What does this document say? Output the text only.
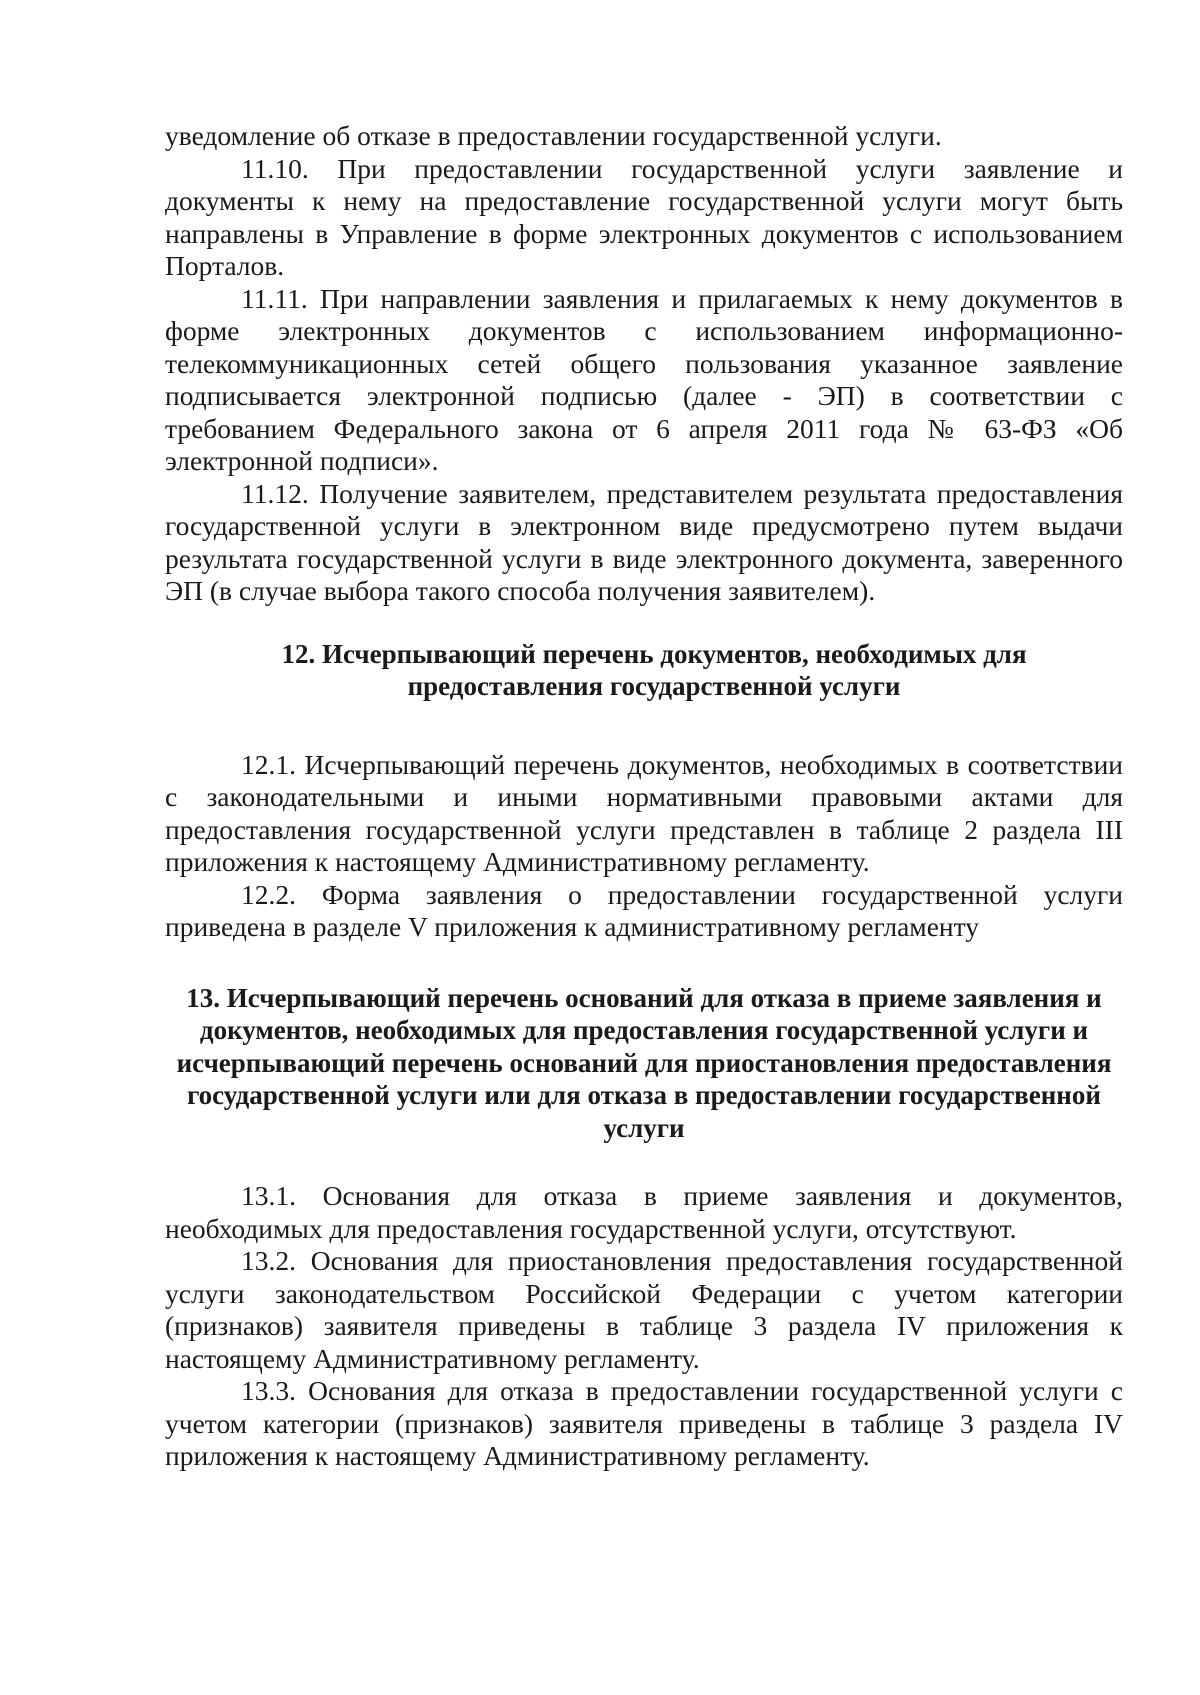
уведомление об отказе в предоставлении государственной услуги.

11.10. При предоставлении государственной услуги заявление и документы к нему на предоставление государственной услуги могут быть направлены в Управление в форме электронных документов с использованием Порталов.

11.11. При направлении заявления и прилагаемых к нему документов в форме электронных документов с использованием информационно-телекоммуникационных сетей общего пользования указанное заявление подписывается электронной подписью (далее - ЭП) в соответствии с требованием Федерального закона от 6 апреля 2011 года № 63-ФЗ «Об электронной подписи».

11.12. Получение заявителем, представителем результата предоставления государственной услуги в электронном виде предусмотрено путем выдачи результата государственной услуги в виде электронного документа, заверенного ЭП (в случае выбора такого способа получения заявителем).

12. Исчерпывающий перечень документов, необходимых для предоставления государственной услуги

12.1. Исчерпывающий перечень документов, необходимых в соответствии с законодательными и иными нормативными правовыми актами для предоставления государственной услуги представлен в таблице 2 раздела III приложения к настоящему Административному регламенту.

12.2. Форма заявления о предоставлении государственной услуги приведена в разделе V приложения к административному регламенту

13. Исчерпывающий перечень оснований для отказа в приеме заявления и документов, необходимых для предоставления государственной услуги и исчерпывающий перечень оснований для приостановления предоставления государственной услуги или для отказа в предоставлении государственной услуги

13.1. Основания для отказа в приеме заявления и документов, необходимых для предоставления государственной услуги, отсутствуют.

13.2. Основания для приостановления предоставления государственной услуги законодательством Российской Федерации с учетом категории (признаков) заявителя приведены в таблице 3 раздела IV приложения к настоящему Административному регламенту.

13.3. Основания для отказа в предоставлении государственной услуги с учетом категории (признаков) заявителя приведены в таблице 3 раздела IV приложения к настоящему Административному регламенту.
